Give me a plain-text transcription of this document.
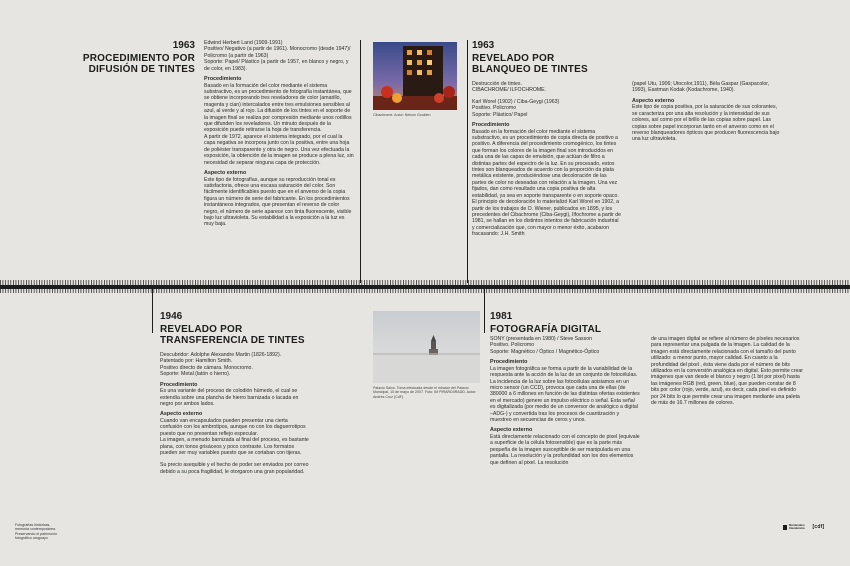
1963
PROCEDIMIENTO POR
DIFUSIÓN DE TINTES
Edwind Herbert Land (1909-1991)
Positivo/ Negativo (a partir de 1961). Monocromo (desde 1947)/ Policromo (a partir de 1963)
Soporte: Papel/ Plástico (a partir de 1957, en blanco y negro, y de color, en 1983).
Procedimiento
Basado en la formación del color mediante el sistema substractivo, es un procedimiento de fotografía instantánea, que se obtiene incorporando tres reveladores de color (amarillo, magenta y cian) intercalados entre tres emulsiones sensibles al azul, al verde y al rojo. La difusión de los tintes en el soporte de la imagen final se realiza por compresión mediante unos rodillos que difunden los reveladores. Un minuto después de la exposición puede retirarse la hoja de transferencia.
A partir de 1972, aparece el sistema integrado, por el cual la capa negativa se incorpora junto con la positiva, entre una hoja de poliéster transparente y otra de negro. Una vez efectuada la exposición, la obtención de la imagen se produce a plena luz, sin necesidad de separar ninguna capa de protección.
Aspecto externo
Este tipo de fotografías, aunque su reproducción tonal es satisfactoria, ofrece una escasa saturación del color. Son fácilmente identificables puesto que en el anverso de la copia figura un número de serie del fabricante. En los procedimientos instantáneos integrados, que presentan el reverso de color negro, el número de serie aparece con tinta fluorescente, visible bajo luz ultravioleta. Su estabilidad a la exposición a la luz es muy baja.
Cibachrome. Autor: Nelson Goulden
1963
REVELADO POR
BLANQUEO DE TINTES
Destrucción de tintes.
CIBACHROME/ ILFOCHROME.
Karl Worel (1902) / Ciba-Geygi (1963)
Positivo. Policromo
Soporte: Plástico/ Papel
Procedimiento
Basado en la formación del color mediante el sistema substractivo, es un procedimiento de copia directa de positivo a positivo. A diferencia del procedimiento cromogénico, los tintes que forman los colores de la imagen final son introducidos en cada una de las capas de emulsión, que actúan de filtro a distintas partes del espectro de la luz. En su procesado, estos tintes son blanqueados de acuerdo con la proporción da plata metálica existente, produciéndose una decoloración de las partes de color no deseadas con relación a la imagen. Una vez fijados, dan como resultado una copia positiva de alta estabilidad, ya sea en soporte transparente o en soporte opaco.
El principio de decoloración lo materializó Karl Worel en 1902, a partir de los trabajos de O. Wiener, publicados en 1895, y los precedentes del Cibachrome (Ciba-Geygi), Ilfochrome a partir de 1981, se hallan en los distintos intentos de fabricación industrial y comercialización que, con mayor o menor éxito, acabaron fracasando: J.H. Smith
(papel Utu, 1906; Utocolor,1911), Béla Gaspar (Gaspacolor, 1993), Eastman Kodak (Kodachrome, 1940).
Aspecto externo
Este tipo de copia positiva, por la saturación de sus colorantes, se caracteriza por una alta resolución y la intensidad de sus colores, así como por el brillo de las copias sobre papel. Las copias sobre papel incorporan tanto en el anverso como en el reverso blanqueadores ópticos que producen fluorescencia bajo una luz ultravioleta.
1946
REVELADO POR
TRANSFERENCIA DE TINTES
Descubridor: Adolphe Alexandre Martin (1826-1892).
Patentado por: Hamilton Smith.
Positivo directo de cámara. Monocromo.
Soporte: Metal (latón o hierro).
Procedimiento
Es una variante del proceso de colodión húmedo, el cual se extendía sobre una plancha de hierro barnizada o lacada en negro por ambos lados.
Aspecto externo
Cuando van encapsulados pueden presentar una cierta confusión con los ambrotipos, aunque no con los daguerrotipos puesto que no presentan reflejo especular.
La imagen, a menudo barnizada al final del proceso, es bastante plana, con tonos grisáceos y poco contraste. Los formatos pueden ser muy variables puesto que se cortaban con tijeras.
Su precio asequible y el hecho de poder ser enviados por correo debido a su poca fragilidad, le otorgaron una gran popularidad.
Palacio Salvo. Toma efectuada desde el mirador del Palacio Municipal, 15 de mayo de 2007. Foto: IM PIRARDI/RADD. Autor: Andrés Cruz (CdF).
1981
FOTOGRAFÍA DIGITAL
SONY (presentada en 1980) / Steve Sasson
Positivo. Policromo
Soporte: Magnético / Óptico / Magnético-Óptico
Procedimiento
La imagen fotográfica se forma a partir de la variabilidad de la respuesta ante la acción de la luz de un conjunto de fotocélulas. La incidencia de la luz sobre las fotocélulas aoisiamos en un micro sensor (un CCD), provoca que cada una de ellas (de 380000 a 6 millones en función de las distintas ofertas existentes en el mercado) genere un impulso eléctrico o señal. Esta señal es digitalizada (por medio de un conversor de analógico a digital –ADG-) y convertida tras los procesos de cuantización y muestreo en secuencias de ceros y unos.
Aspecto externo
Está directamente relacionado con el concepto de pixel (equivale a superficie de la célula fotosensible) que es la parte más pequeña de la imagen susceptible de ser manipulada en una pantalla. La resolución y la profundidad son los dos elementos que definen al pixel. La resolución
de una imagen digital se refiere al número de píxeles necesarios para representar una pulgada de la imagen. La calidad de la imagen está directamente relacionada con el tamaño del punto utilizado: a menor punto, mayor calidad. En cuanto a la profundidad del pixel , ésta viene dada por el número de bits utilizados en la conversión analógica en digital. Esto permite crear imágenes que van desde el blanco y negro (1 bit por pixel) hasta las imágenes RGB (red, green, blue), que pueden constar de 8 bits por color (rojo, verde, azul), es decir, cada pixel es definido por 24 bits lo que permite crear una imagen mediante una paleta de más de 16.7 millones de colores.
Fotografías históricas,
memoria contemporánea.
Preservando el patrimonio
fotográfico uruguayo
Montevideo
Intendencia [cdf]
